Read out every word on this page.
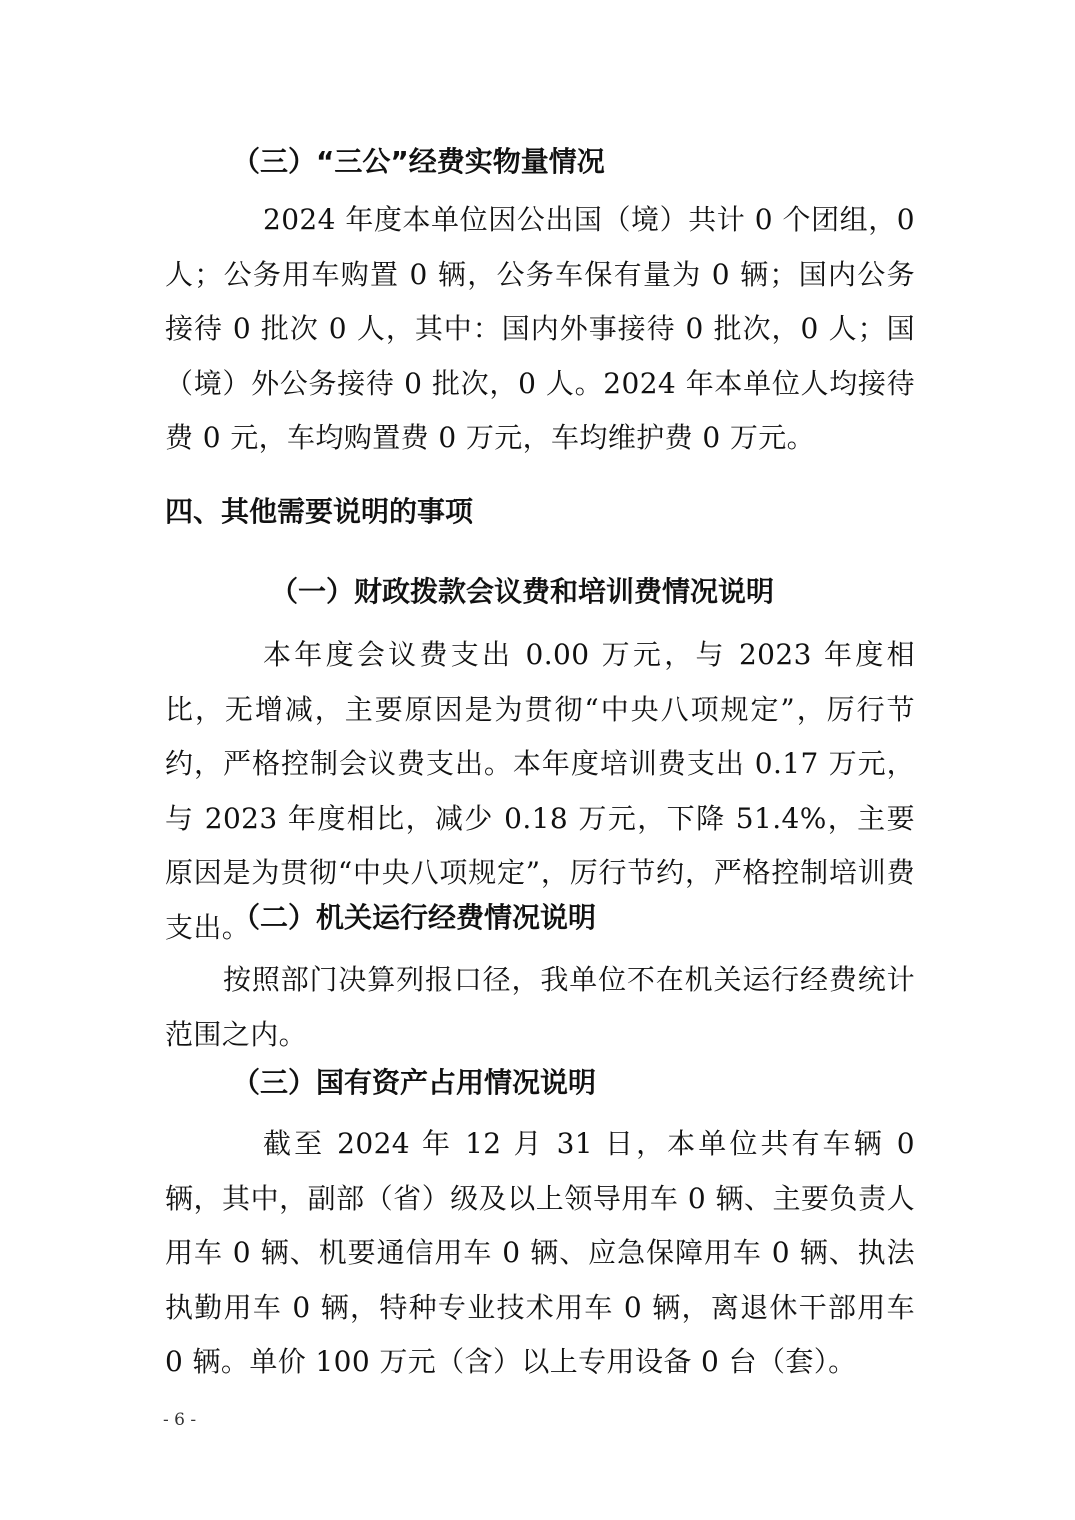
（三）“三公”经费实物量情况

2024 年度本单位因公出国（境）共计 0 个团组，0 人；公务用车购置 0 辆，公务车保有量为 0 辆；国内公务接待 0 批次 0 人，其中：国内外事接待 0 批次，0 人；国（境）外公务接待 0 批次，0 人。2024 年本单位人均接待费 0 元，车均购置费 0 万元，车均维护费 0 万元。

四、其他需要说明的事项
（一）财政拨款会议费和培训费情况说明

本年度会议费支出 0.00 万元，与 2023 年度相比，无增减，主要原因是为贯彻“中央八项规定”，厉行节约，严格控制会议费支出。本年度培训费支出 0.17 万元，与 2023 年度相比，减少 0.18 万元，下降 51.4%，主要原因是为贯彻“中央八项规定”，厉行节约，严格控制培训费支出。

（二）机关运行经费情况说明

按照部门决算列报口径，我单位不在机关运行经费统计范围之内。

（三）国有资产占用情况说明

截至 2024 年 12 月 31 日，本单位共有车辆 0 辆，其中，副部（省）级及以上领导用车 0 辆、主要负责人用车 0 辆、机要通信用车 0 辆、应急保障用车 0 辆、执法执勤用车 0 辆，特种专业技术用车 0 辆，离退休干部用车 0 辆。单价 100 万元（含）以上专用设备 0 台（套）。

- 6 -
